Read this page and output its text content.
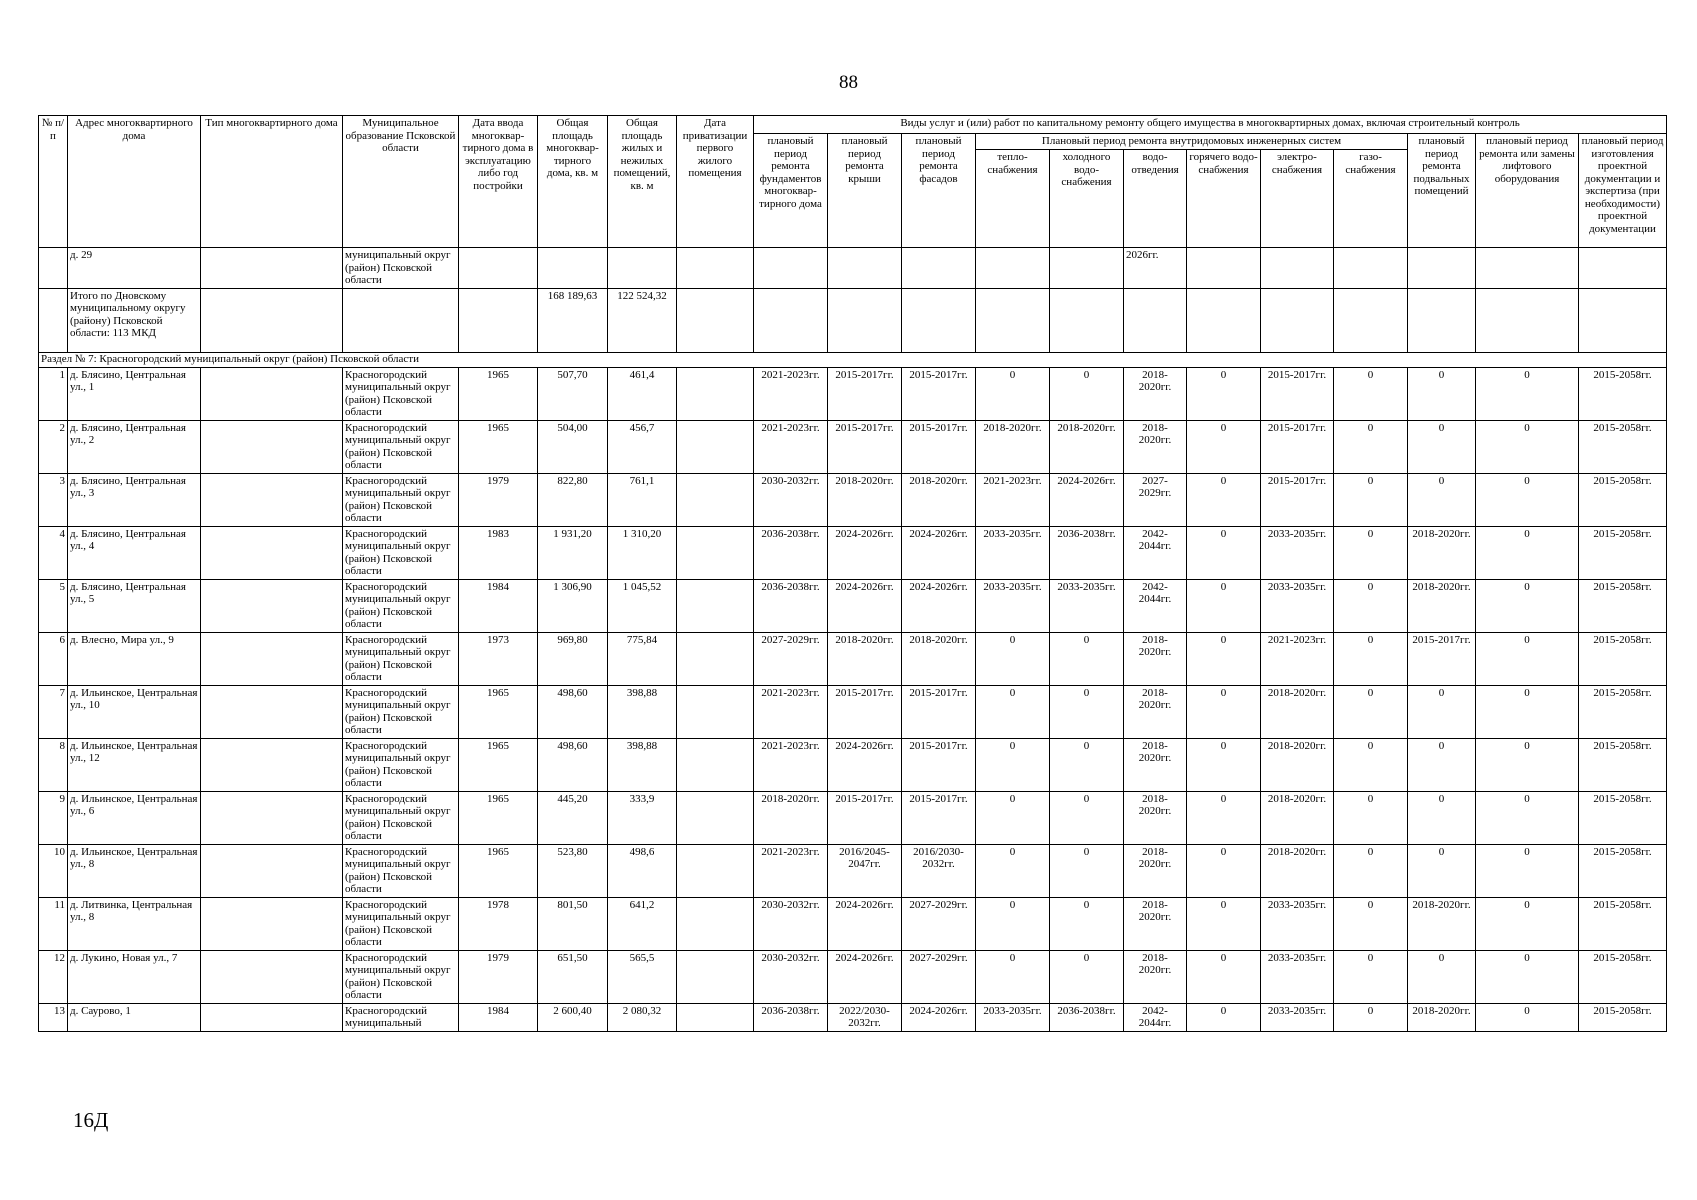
88
№ п/п	Адрес многоквартирного дома	Тип многоквартирного дома	Муниципальное образование Псковской области	Дата ввода многоквар-тирного дома в эксплуатацию либо год постройки	Общая площадь многоквар-тирного дома, кв. м	Общая площадь жилых и нежилых помещений, кв. м	Дата приватизации первого жилого помещения	Виды услуг и (или) работ по капитальному ремонту общего имущества в многоквартирных домах, включая строительный контроль											
								плановый период ремонта фундаментов многоквар-тирного дома	плановый период ремонта крыши	плановый период ремонта фасадов	Плановый период ремонта внутридомовых инженерных систем						плановый период ремонта подвальных помещений	плановый период ремонта или замены лифтового оборудования	плановый период изготовления проектной документации и экспертиза (при необходимости) проектной документации
											тепло-снабжения	холодного водо-снабжения	водо-отведения	горячего водо-снабжения	электро-снабжения	газо-снабжения			
	д. 29		муниципальный округ (район) Псковской области										2026гг.						
	Итого по Дновскому муниципальному округу (району) Псковской области: 113 МКД				168 189,63	122 524,32													
Раздел № 7: Красногородский муниципальный округ (район) Псковской области																			
1	д. Блясино, Центральная ул., 1		Красногородский муниципальный округ (район) Псковской области	1965	507,70	461,4		2021-2023гг.	2015-2017гг.	2015-2017гг.	0	0	2018-2020гг.	0	2015-2017гг.	0	0	0	2015-2058гг.
2	д. Блясино, Центральная ул., 2		Красногородский муниципальный округ (район) Псковской области	1965	504,00	456,7		2021-2023гг.	2015-2017гг.	2015-2017гг.	2018-2020гг.	2018-2020гг.	2018-2020гг.	0	2015-2017гг.	0	0	0	2015-2058гг.
3	д. Блясино, Центральная ул., 3		Красногородский муниципальный округ (район) Псковской области	1979	822,80	761,1		2030-2032гг.	2018-2020гг.	2018-2020гг.	2021-2023гг.	2024-2026гг.	2027-2029гг.	0	2015-2017гг.	0	0	0	2015-2058гг.
4	д. Блясино, Центральная ул., 4		Красногородский муниципальный округ (район) Псковской области	1983	1 931,20	1 310,20		2036-2038гг.	2024-2026гг.	2024-2026гг.	2033-2035гг.	2036-2038гг.	2042-2044гг.	0	2033-2035гг.	0	2018-2020гг.	0	2015-2058гг.
5	д. Блясино, Центральная ул., 5		Красногородский муниципальный округ (район) Псковской области	1984	1 306,90	1 045,52		2036-2038гг.	2024-2026гг.	2024-2026гг.	2033-2035гг.	2033-2035гг.	2042-2044гг.	0	2033-2035гг.	0	2018-2020гг.	0	2015-2058гг.
6	д. Влесно, Мира ул., 9		Красногородский муниципальный округ (район) Псковской области	1973	969,80	775,84		2027-2029гг.	2018-2020гг.	2018-2020гг.	0	0	2018-2020гг.	0	2021-2023гг.	0	2015-2017гг.	0	2015-2058гг.
7	д. Ильинское, Центральная ул., 10		Красногородский муниципальный округ (район) Псковской области	1965	498,60	398,88		2021-2023гг.	2015-2017гг.	2015-2017гг.	0	0	2018-2020гг.	0	2018-2020гг.	0	0	0	2015-2058гг.
8	д. Ильинское, Центральная ул., 12		Красногородский муниципальный округ (район) Псковской области	1965	498,60	398,88		2021-2023гг.	2024-2026гг.	2015-2017гг.	0	0	2018-2020гг.	0	2018-2020гг.	0	0	0	2015-2058гг.
9	д. Ильинское, Центральная ул., 6		Красногородский муниципальный округ (район) Псковской области	1965	445,20	333,9		2018-2020гг.	2015-2017гг.	2015-2017гг.	0	0	2018-2020гг.	0	2018-2020гг.	0	0	0	2015-2058гг.
10	д. Ильинское, Центральная ул., 8		Красногородский муниципальный округ (район) Псковской области	1965	523,80	498,6		2021-2023гг.	2016/2045-2047гг.	2016/2030-2032гг.	0	0	2018-2020гг.	0	2018-2020гг.	0	0	0	2015-2058гг.
11	д. Литвинка, Центральная ул., 8		Красногородский муниципальный округ (район) Псковской области	1978	801,50	641,2		2030-2032гг.	2024-2026гг.	2027-2029гг.	0	0	2018-2020гг.	0	2033-2035гг.	0	2018-2020гг.	0	2015-2058гг.
12	д. Лукино, Новая ул., 7		Красногородский муниципальный округ (район) Псковской области	1979	651,50	565,5		2030-2032гг.	2024-2026гг.	2027-2029гг.	0	0	2018-2020гг.	0	2033-2035гг.	0	0	0	2015-2058гг.
13	д. Саурово, 1		Красногородский муниципальный	1984	2 600,40	2 080,32		2036-2038гг.	2022/2030-2032гг.	2024-2026гг.	2033-2035гг.	2036-2038гг.	2042-2044гг.	0	2033-2035гг.	0	2018-2020гг.	0	2015-2058гг.
16Д
